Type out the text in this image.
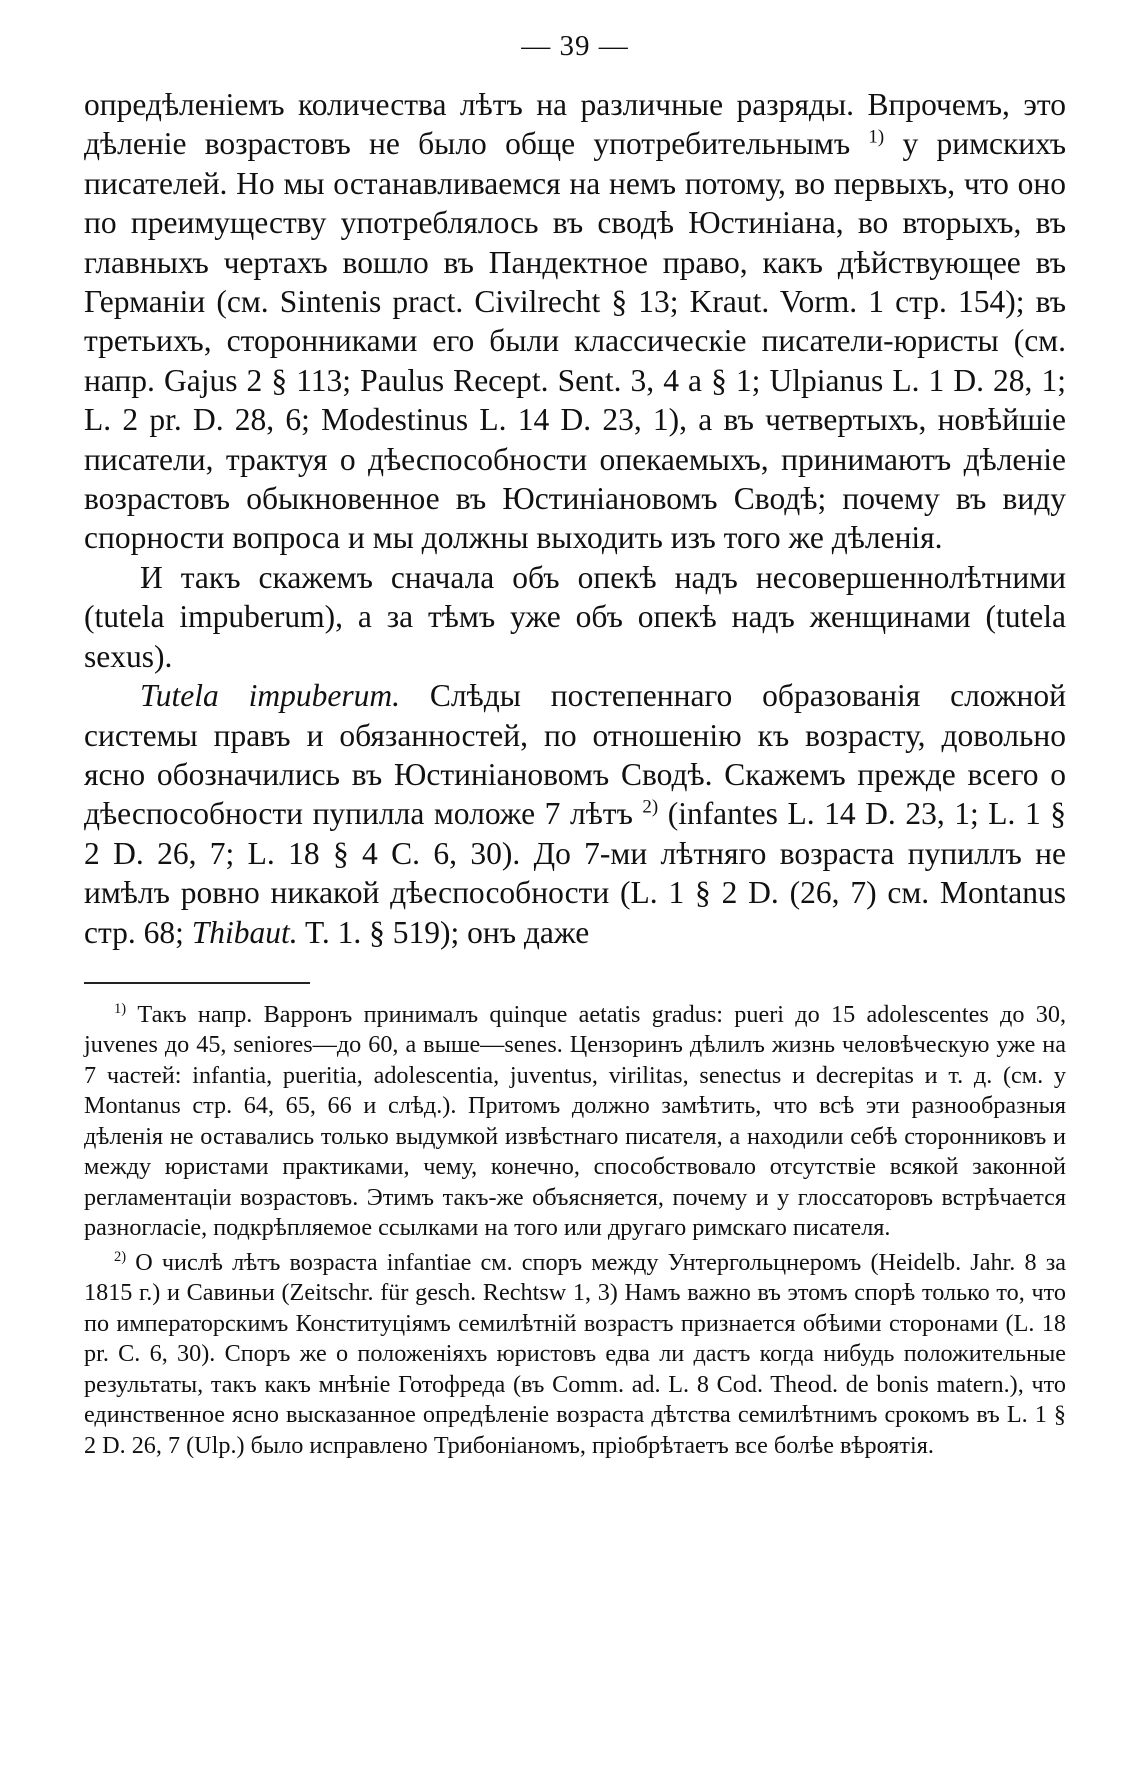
— 39 —

опредѣленіемъ количества лѣтъ на различные разряды. Впрочемъ, это дѣленіе возрастовъ не было обще употребительнымъ $^{1)}$ у римскихъ писателей. Но мы останавливаемся на немъ потому, во первыхъ, что оно по преимуществу употреблялось въ сводѣ Юстиніана, во вторыхъ, въ главныхъ чертахъ вошло въ Пандектное право, какъ дѣйствующее въ Германіи (см. Sintenis pract. Civilrecht § 13; Kraut. Vorm. 1 стр. 154); въ третьихъ, сторонниками его были классическіе писатели-юристы (см. напр. Gajus 2 § 113; Paulus Recept. Sent. 3, 4 a § 1; Ulpianus L. 1 D. 28, 1; L. 2 pr. D. 28, 6; Modestinus L. 14 D. 23, 1), а въ четвертыхъ, новѣйшіе писатели, трактуя о дѣеспособности опекаемыхъ, принимаютъ дѣленіе возрастовъ обыкновенное въ Юстиніановомъ Сводѣ; почему въ виду спорности вопроса и мы должны выходить изъ того же дѣленія.

И такъ скажемъ сначала объ опекѣ надъ несовершеннолѣтними (tutela impuberum), а за тѣмъ уже объ опекѣ надъ женщинами (tutela sexus).

Tutela impuberum. Слѣды постепеннаго образованія сложной системы правъ и обязанностей, по отношенію къ возрасту, довольно ясно обозначились въ Юстиніановомъ Сводѣ. Скажемъ прежде всего о дѣеспособности пупилла моложе 7 лѣтъ $^{2)}$ (infantes L. 14 D. 23, 1; L. 1 § 2 D. 26, 7; L. 18 § 4 C. 6, 30). До 7-ми лѣтняго возраста пупиллъ не имѣлъ ровно никакой дѣеспособности (L. 1 § 2 D. (26, 7) см. Montanus стр. 68; Thibaut. T. 1. § 519); онъ даже

$^{1)}$ Такъ напр. Варронъ принималъ quinque aetatis gradus: pueri до 15 adolescentes до 30, juvenes до 45, seniores—до 60, а выше—senes. Цензоринъ дѣлилъ жизнь человѣческую уже на 7 частей: infantia, pueritia, adolescentia, juventus, virilitas, senectus и decrepitas и т. д. (см. у Montanus стр. 64, 65, 66 и слѣд.). Притомъ должно замѣтить, что всѣ эти разнообразныя дѣленія не оставались только выдумкой извѣстнаго писателя, а находили себѣ сторонниковъ и между юристами практиками, чему, конечно, способствовало отсутствіе всякой законной регламентаціи возрастовъ. Этимъ такъ-же объясняется, почему и у глоссаторовъ встрѣчается разногласіе, подкрѣпляемое ссылками на того или другаго римскаго писателя.

$^{2)}$ О числѣ лѣтъ возраста infantiae см. споръ между Унтергольцнеромъ (Heidelb. Jahr. 8 за 1815 г.) и Савиньи (Zeitschr. für gesch. Rechtsw 1, 3) Намъ важно въ этомъ спорѣ только то, что по императорскимъ Конституціямъ семилѣтній возрастъ признается обѣими сторонами (L. 18 pr. C. 6, 30). Споръ же о положеніяхъ юристовъ едва ли дастъ когда нибудь положительные результаты, такъ какъ мнѣніе Готофреда (въ Comm. ad. L. 8 Cod. Theod. de bonis matern.), что единственное ясно высказанное опредѣленіе возраста дѣтства семилѣтнимъ срокомъ въ L. 1 § 2 D. 26, 7 (Ulp.) было исправлено Трибоніаномъ, пріобрѣтаетъ все болѣе вѣроятія.
